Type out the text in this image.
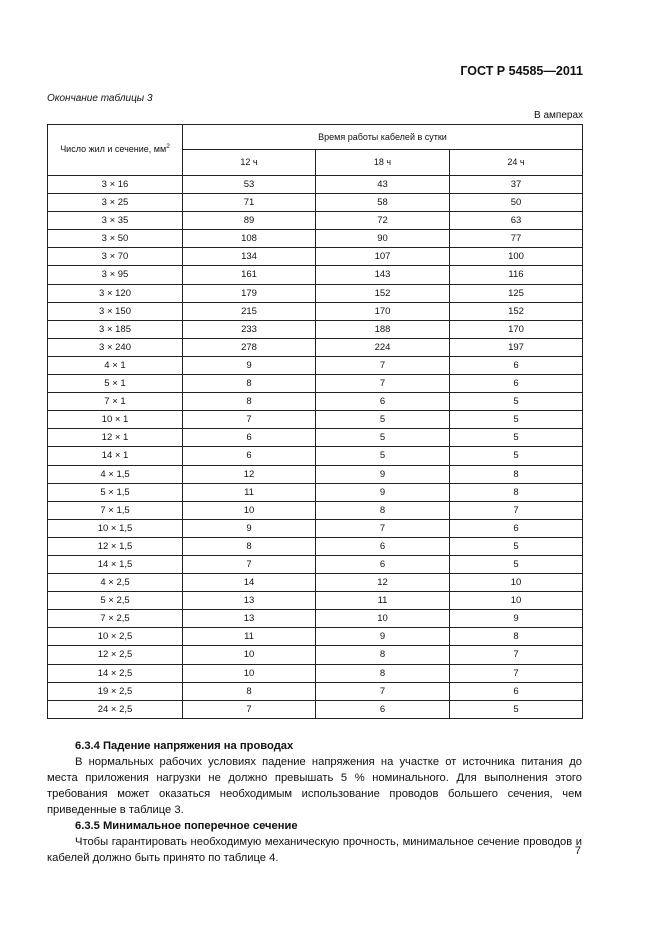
ГОСТ Р 54585—2011
Окончание таблицы 3
В амперах
Число жил и сечение, $мм^2$	Время работы кабелей в сутки		
	12 ч	18 ч	24 ч
3 × 16	53	43	37
3 × 25	71	58	50
3 × 35	89	72	63
3 × 50	108	90	77
3 × 70	134	107	100
3 × 95	161	143	116
3 × 120	179	152	125
3 × 150	215	170	152
3 × 185	233	188	170
3 × 240	278	224	197
4 × 1	9	7	6
5 × 1	8	7	6
7 × 1	8	6	5
10 × 1	7	5	5
12 × 1	6	5	5
14 × 1	6	5	5
4 × 1,5	12	9	8
5 × 1,5	11	9	8
7 × 1,5	10	8	7
10 × 1,5	9	7	6
12 × 1,5	8	6	5
14 × 1,5	7	6	5
4 × 2,5	14	12	10
5 × 2,5	13	11	10
7 × 2,5	13	10	9
10 × 2,5	11	9	8
12 × 2,5	10	8	7
14 × 2,5	10	8	7
19 × 2,5	8	7	6
24 × 2,5	7	6	5
6.3.4 Падение напряжения на проводах
В нормальных рабочих условиях падение напряжения на участке от источника питания до места приложения нагрузки не должно превышать 5 % номинального. Для выполнения этого требования может оказаться необходимым использование проводов большего сечения, чем приведенные в таблице 3.
6.3.5 Минимальное поперечное сечение
Чтобы гарантировать необходимую механическую прочность, минимальное сечение проводов и кабелей должно быть принято по таблице 4.
7
